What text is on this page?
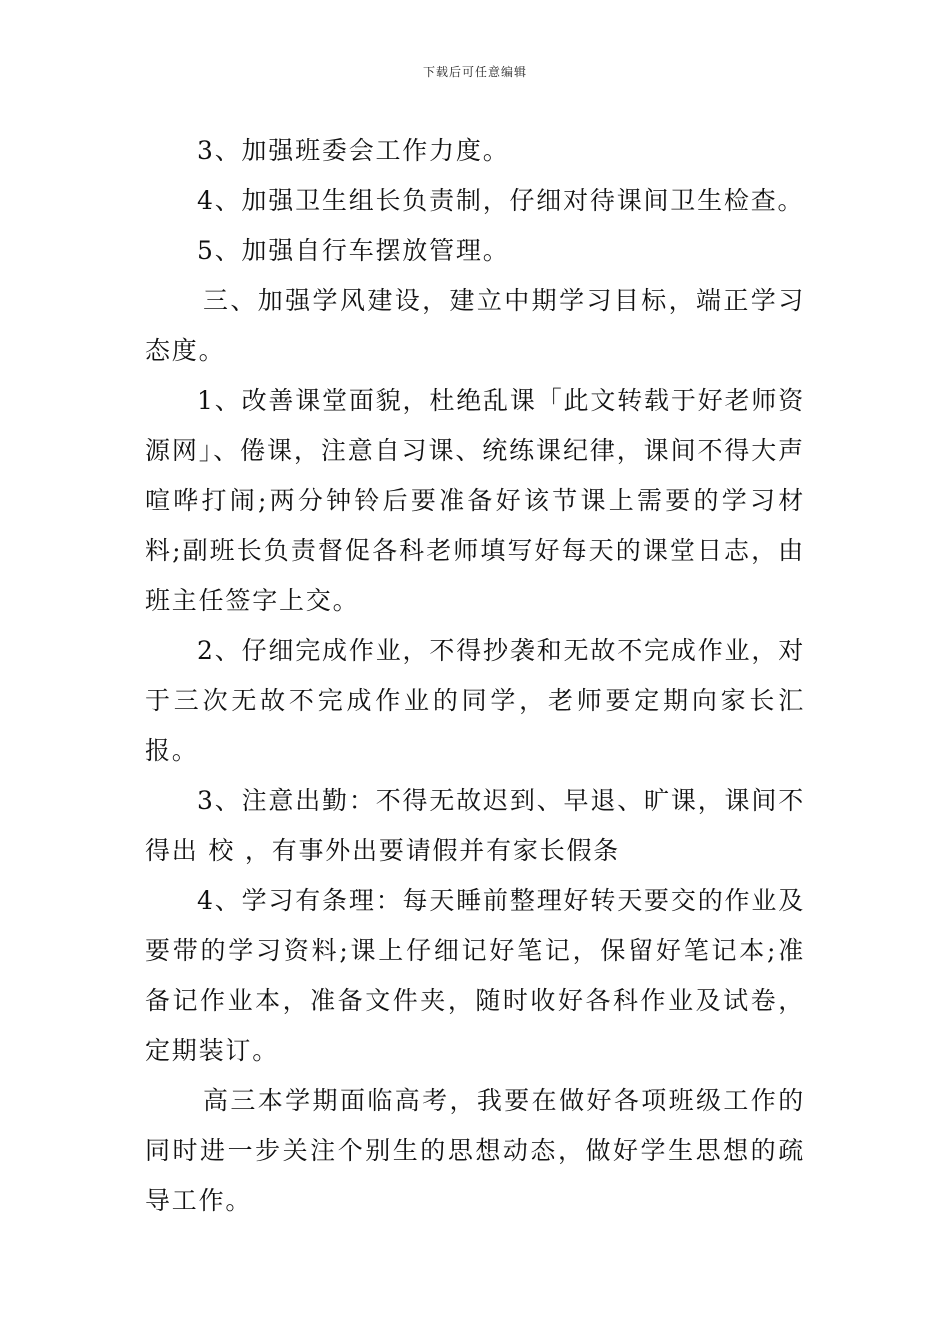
下载后可任意编辑

3、加强班委会工作力度。

4、加强卫生组长负责制，仔细对待课间卫生检查。

5、加强自行车摆放管理。

三、加强学风建设，建立中期学习目标，端正学习态度。

1、改善课堂面貌，杜绝乱课「此文转载于好老师资源网」、倦课，注意自习课、统练课纪律，课间不得大声喧哗打闹;两分钟铃后要准备好该节课上需要的学习材料;副班长负责督促各科老师填写好每天的课堂日志，由班主任签字上交。

2、仔细完成作业，不得抄袭和无故不完成作业，对于三次无故不完成作业的同学，老师要定期向家长汇报。

3、注意出勤：不得无故迟到、早退、旷课，课间不得出 校 ，有事外出要请假并有家长假条

4、学习有条理：每天睡前整理好转天要交的作业及要带的学习资料;课上仔细记好笔记，保留好笔记本;准备记作业本，准备文件夹，随时收好各科作业及试卷，定期装订。

高三本学期面临高考，我要在做好各项班级工作的同时进一步关注个别生的思想动态，做好学生思想的疏导工作。
